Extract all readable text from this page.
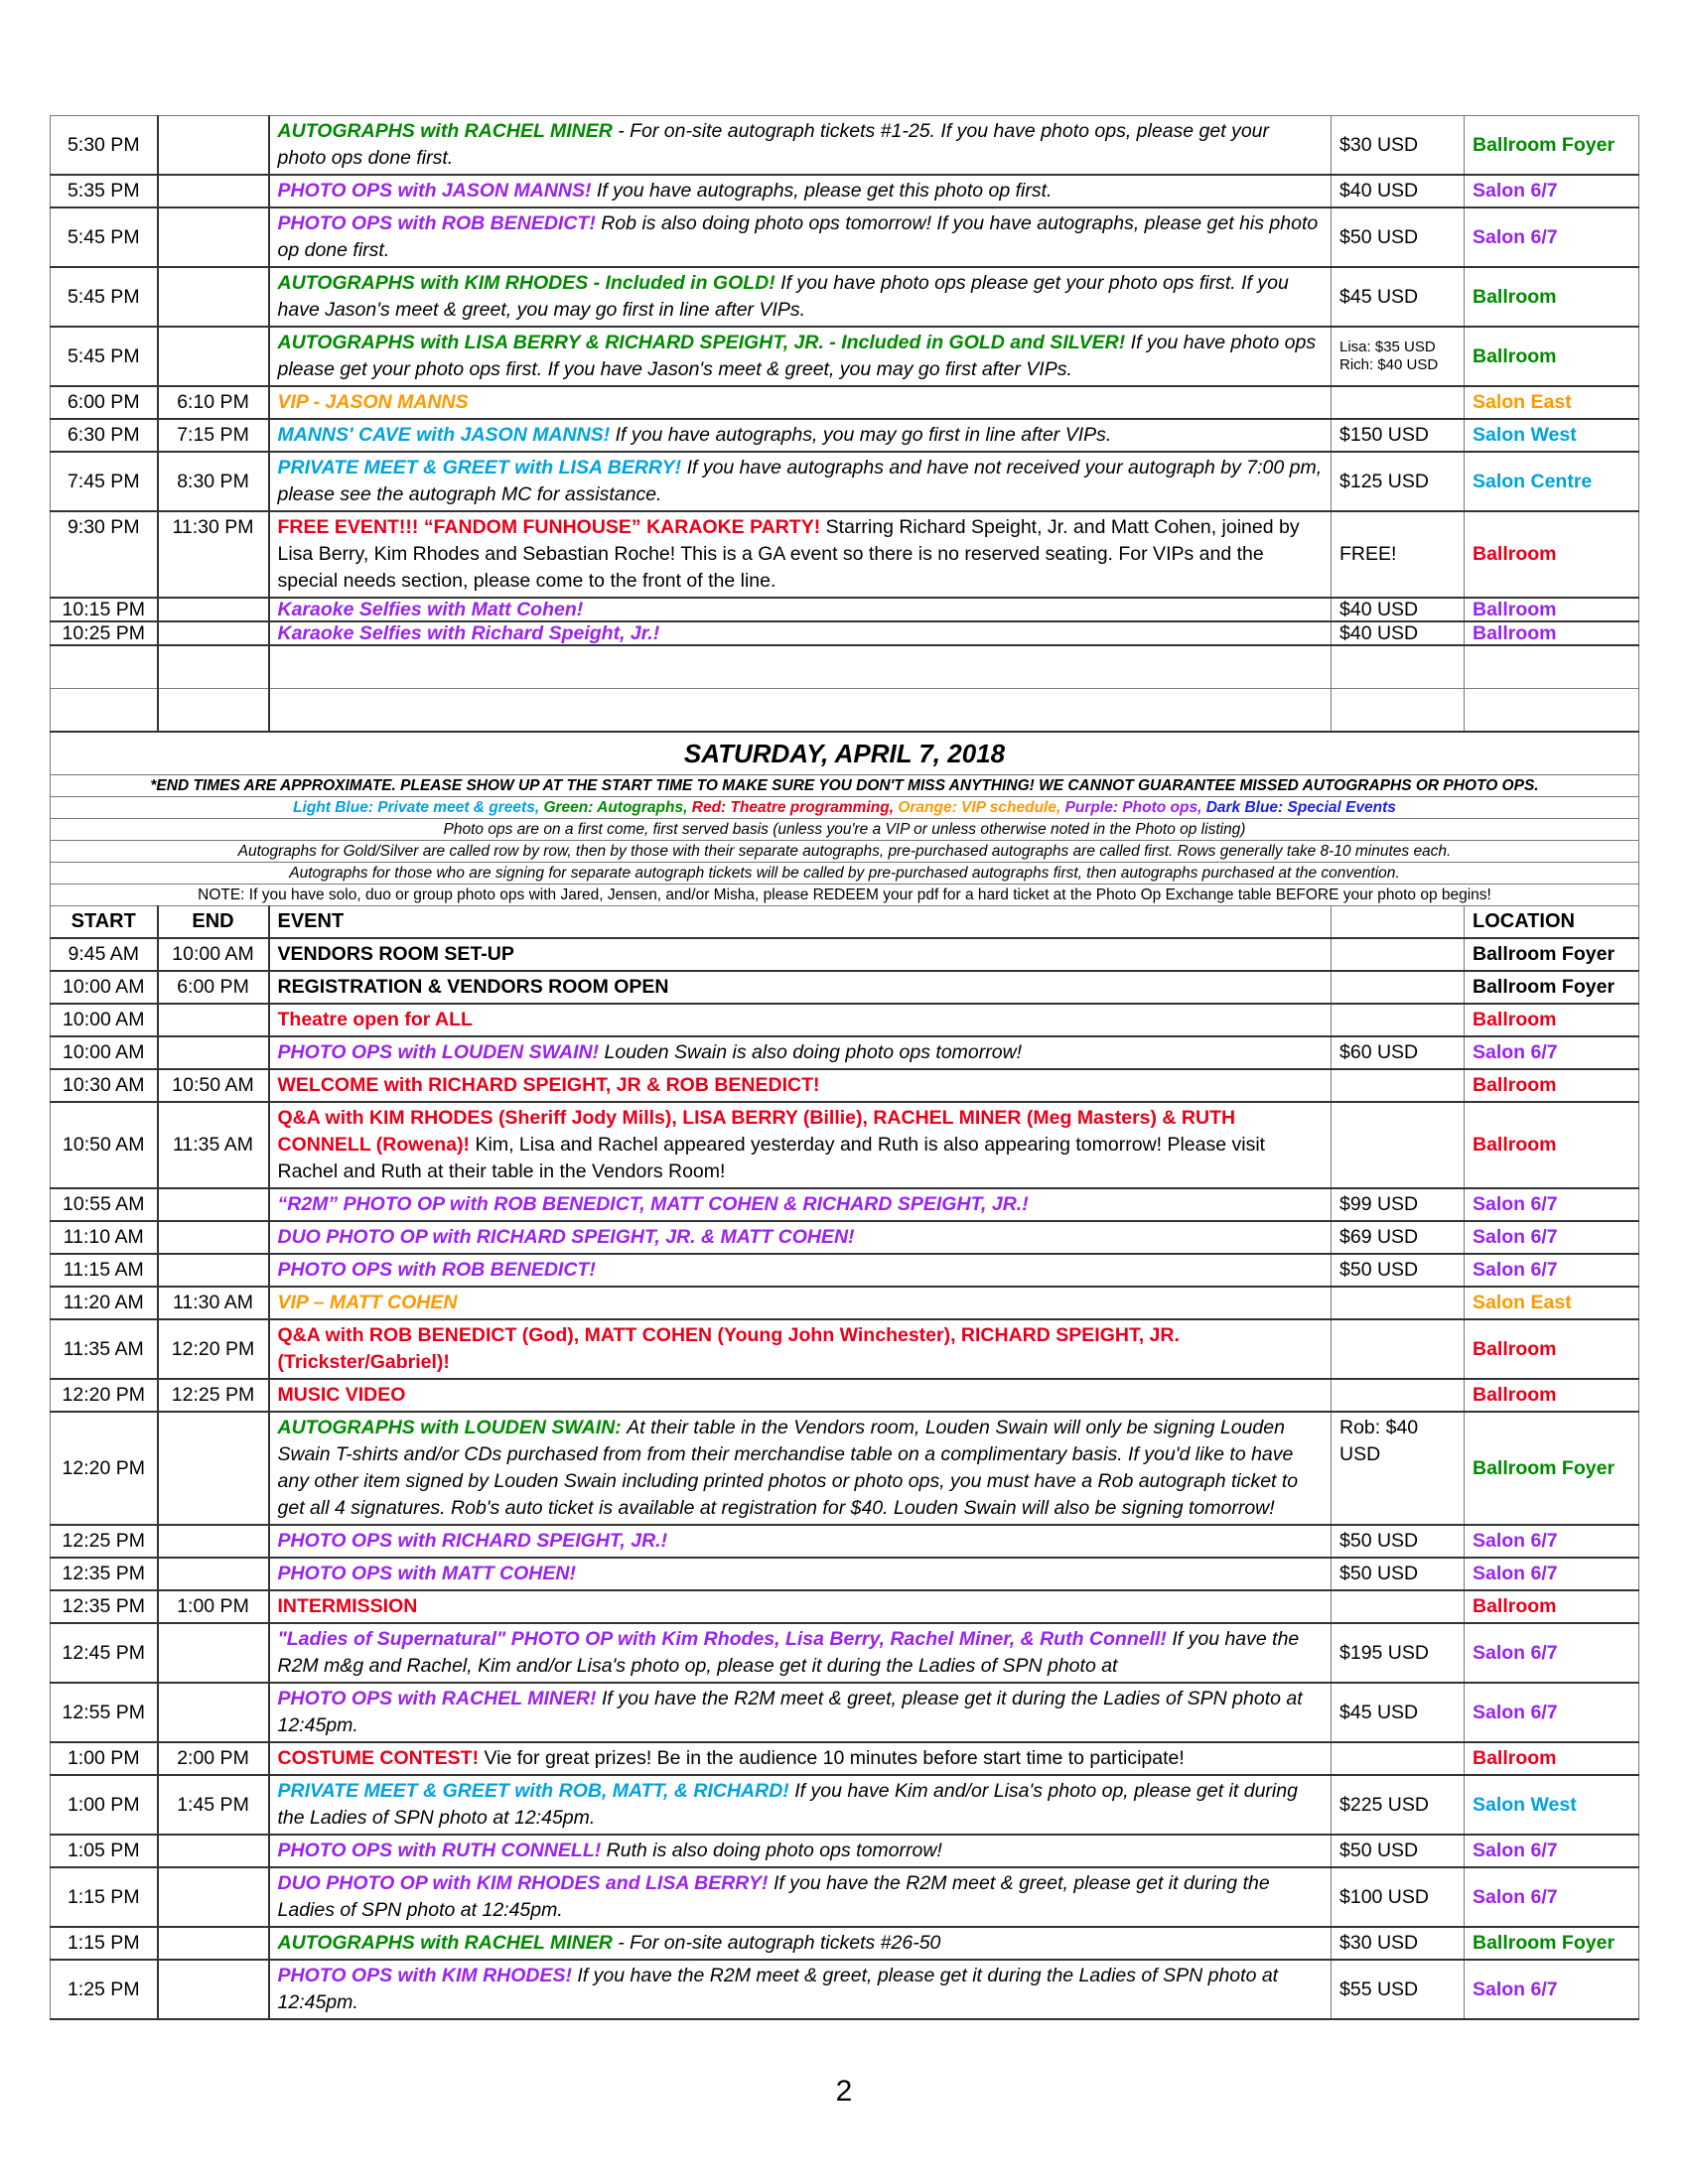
5:30 PM		AUTOGRAPHS with RACHEL MINER - For on-site autograph tickets #1-25. If you have photo ops, please get your photo ops done first.	$30 USD	Ballroom Foyer
5:35 PM		PHOTO OPS with JASON MANNS! If you have autographs, please get this photo op first.	$40 USD	Salon 6/7
5:45 PM		PHOTO OPS with ROB BENEDICT! Rob is also doing photo ops tomorrow! If you have autographs, please get his photo op done first.	$50 USD	Salon 6/7
5:45 PM		AUTOGRAPHS with KIM RHODES - Included in GOLD! If you have photo ops please get your photo ops first. If you have Jason's meet & greet, you may go first in line after VIPs.	$45 USD	Ballroom
5:45 PM		AUTOGRAPHS with LISA BERRY & RICHARD SPEIGHT, JR. - Included in GOLD and SILVER! If you have photo ops please get your photo ops first. If you have Jason's meet & greet, you may go first after VIPs.	Lisa: $35 USD Rich: $40 USD	Ballroom
6:00 PM	6:10 PM	VIP - JASON MANNS		Salon East
6:30 PM	7:15 PM	MANNS' CAVE with JASON MANNS! If you have autographs, you may go first in line after VIPs.	$150 USD	Salon West
7:45 PM	8:30 PM	PRIVATE MEET & GREET with LISA BERRY! If you have autographs and have not received your autograph by 7:00 pm, please see the autograph MC for assistance.	$125 USD	Salon Centre
9:30 PM	11:30 PM	FREE EVENT!!! “FANDOM FUNHOUSE” KARAOKE PARTY! Starring Richard Speight, Jr. and Matt Cohen, joined by Lisa Berry, Kim Rhodes and Sebastian Roche! This is a GA event so there is no reserved seating. For VIPs and the special needs section, please come to the front of the line.	FREE!	Ballroom
10:15 PM		Karaoke Selfies with Matt Cohen!	$40 USD	Ballroom
10:25 PM		Karaoke Selfies with Richard Speight, Jr.!	$40 USD	Ballroom

SATURDAY, APRIL 7, 2018				
*END TIMES ARE APPROXIMATE. PLEASE SHOW UP AT THE START TIME TO MAKE SURE YOU DON'T MISS ANYTHING! WE CANNOT GUARANTEE MISSED AUTOGRAPHS OR PHOTO OPS.				
Light Blue: Private meet & greets, Green: Autographs, Red: Theatre programming, Orange: VIP schedule, Purple: Photo ops, Dark Blue: Special Events				
Photo ops are on a first come, first served basis (unless you're a VIP or unless otherwise noted in the Photo op listing)				
Autographs for Gold/Silver are called row by row, then by those with their separate autographs, pre-purchased autographs are called first. Rows generally take 8-10 minutes each.				
Autographs for those who are signing for separate autograph tickets will be called by pre-purchased autographs first, then autographs purchased at the convention.				
NOTE: If you have solo, duo or group photo ops with Jared, Jensen, and/or Misha, please REDEEM your pdf for a hard ticket at the Photo Op Exchange table BEFORE your photo op begins!				
START	END	EVENT		LOCATION
9:45 AM	10:00 AM	VENDORS ROOM SET-UP		Ballroom Foyer
10:00 AM	6:00 PM	REGISTRATION & VENDORS ROOM OPEN		Ballroom Foyer
10:00 AM		Theatre open for ALL		Ballroom
10:00 AM		PHOTO OPS with LOUDEN SWAIN! Louden Swain is also doing photo ops tomorrow!	$60 USD	Salon 6/7
10:30 AM	10:50 AM	WELCOME with RICHARD SPEIGHT, JR & ROB BENEDICT!		Ballroom
10:50 AM	11:35 AM	Q&A with KIM RHODES (Sheriff Jody Mills), LISA BERRY (Billie), RACHEL MINER (Meg Masters) & RUTH CONNELL (Rowena)! Kim, Lisa and Rachel appeared yesterday and Ruth is also appearing tomorrow! Please visit Rachel and Ruth at their table in the Vendors Room!		Ballroom
10:55 AM		“R2M” PHOTO OP with ROB BENEDICT, MATT COHEN & RICHARD SPEIGHT, JR.!	$99 USD	Salon 6/7
11:10 AM		DUO PHOTO OP with RICHARD SPEIGHT, JR. & MATT COHEN!	$69 USD	Salon 6/7
11:15 AM		PHOTO OPS with ROB BENEDICT!	$50 USD	Salon 6/7
11:20 AM	11:30 AM	VIP – MATT COHEN		Salon East
11:35 AM	12:20 PM	Q&A with ROB BENEDICT (God), MATT COHEN (Young John Winchester), RICHARD SPEIGHT, JR. (Trickster/Gabriel)!		Ballroom
12:20 PM	12:25 PM	MUSIC VIDEO		Ballroom
12:20 PM		AUTOGRAPHS with LOUDEN SWAIN: At their table in the Vendors room, Louden Swain will only be signing Louden Swain T-shirts and/or CDs purchased from from their merchandise table on a complimentary basis. If you'd like to have any other item signed by Louden Swain including printed photos or photo ops, you must have a Rob autograph ticket to get all 4 signatures. Rob's auto ticket is available at registration for $40. Louden Swain will also be signing tomorrow!	Rob: $40 USD	Ballroom Foyer
12:25 PM		PHOTO OPS with RICHARD SPEIGHT, JR.!	$50 USD	Salon 6/7
12:35 PM		PHOTO OPS with MATT COHEN!	$50 USD	Salon 6/7
12:35 PM	1:00 PM	INTERMISSION		Ballroom
12:45 PM		"Ladies of Supernatural" PHOTO OP with Kim Rhodes, Lisa Berry, Rachel Miner, & Ruth Connell! If you have the R2M m&g and Rachel, Kim and/or Lisa's photo op, please get it during the Ladies of SPN photo at	$195 USD	Salon 6/7
12:55 PM		PHOTO OPS with RACHEL MINER! If you have the R2M meet & greet, please get it during the Ladies of SPN photo at 12:45pm.	$45 USD	Salon 6/7
1:00 PM	2:00 PM	COSTUME CONTEST! Vie for great prizes! Be in the audience 10 minutes before start time to participate!		Ballroom
1:00 PM	1:45 PM	PRIVATE MEET & GREET with ROB, MATT, & RICHARD! If you have Kim and/or Lisa's photo op, please get it during the Ladies of SPN photo at 12:45pm.	$225 USD	Salon West
1:05 PM		PHOTO OPS with RUTH CONNELL! Ruth is also doing photo ops tomorrow!	$50 USD	Salon 6/7
1:15 PM		DUO PHOTO OP with KIM RHODES and LISA BERRY! If you have the R2M meet & greet, please get it during the Ladies of SPN photo at 12:45pm.	$100 USD	Salon 6/7
1:15 PM		AUTOGRAPHS with RACHEL MINER - For on-site autograph tickets #26-50	$30 USD	Ballroom Foyer
1:25 PM		PHOTO OPS with KIM RHODES! If you have the R2M meet & greet, please get it during the Ladies of SPN photo at 12:45pm.	$55 USD	Salon 6/7
2
